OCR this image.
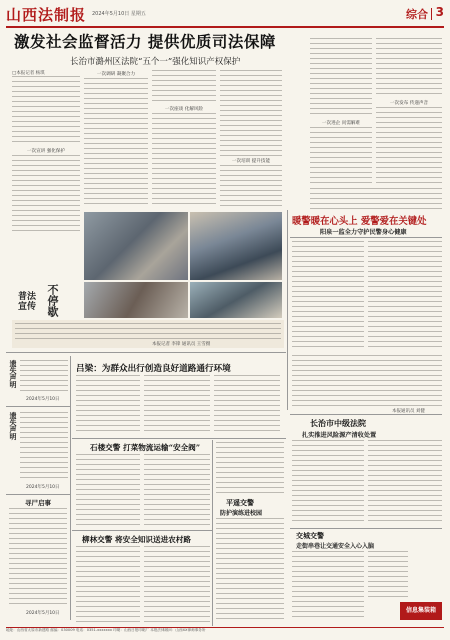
山西法制报 2024年5月10日 星期五	综合 3
激发社会监督活力 提供优质司法保障
长治市潞州区法院“五个一”强化知识产权保护
□本报记者 杨琪
一次宣讲 强化保护
一次调研 凝聚合力
一次座谈 化解风险
一次培训 提升技能
一次进企 问需解难
一次发布 传递声音
普法宣传 不停歇
本报记者 李锋 通讯员 王雪摄
暖警暖在心头上 爱警爱在关键处
阳泉一监全力守护民警身心健康
本报通讯员 刘健
遗失声明
2024年5月10日
遗失声明
2024年5月10日
寻尸启事
2024年5月10日
吕梁：为群众出行创造良好道路通行环境
长治市中级法院
扎实推进风险源产清收处置
石楼交警 打菜物流运输“安全阀”
平遥交警
防护演练进校园
柳林交警 将安全知识送进农村路	交城交警
走街串巷让交通安全入心入脑
信息集装箱
地址：山西省太原市新建路 邮编：030009 电话：0351-xxxxxxx 印刷：山西日报印刷厂 本报法律顾问：山西XX律师事务所
